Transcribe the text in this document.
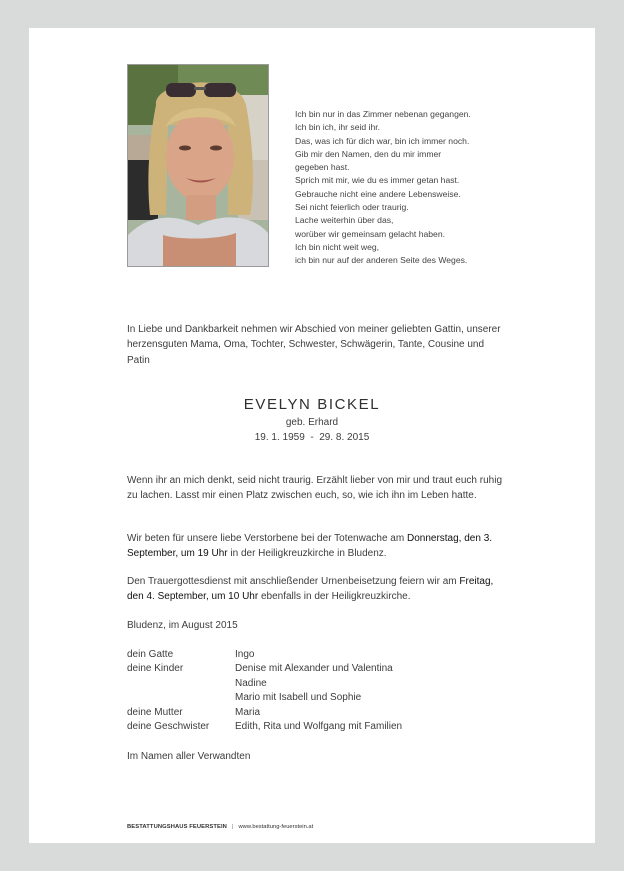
Ich bin nur in das Zimmer nebenan gegangen.
Ich bin ich, ihr seid ihr.
Das, was ich für dich war, bin ich immer noch.
Gib mir den Namen, den du mir immer
gegeben hast.
Sprich mit mir, wie du es immer getan hast.
Gebrauche nicht eine andere Lebensweise.
Sei nicht feierlich oder traurig.
Lache weiterhin über das,
worüber wir gemeinsam gelacht haben.
Ich bin nicht weit weg,
ich bin nur auf der anderen Seite des Weges.
In Liebe und Dankbarkeit nehmen wir Abschied von meiner geliebten Gattin, unserer herzensguten Mama, Oma, Tochter, Schwester, Schwägerin, Tante, Cousine und Patin
EVELYN BICKEL
geb. Erhard
19. 1. 1959  -  29. 8. 2015
Wenn ihr an mich denkt, seid nicht traurig. Erzählt lieber von mir und traut euch ruhig zu lachen. Lasst mir einen Platz zwischen euch, so, wie ich ihn im Leben hatte.
Wir beten für unsere liebe Verstorbene bei der Totenwache am Donnerstag, den 3. September, um 19 Uhr in der Heiligkreuzkirche in Bludenz.
Den Trauergottesdienst mit anschließender Urnenbeisetzung feiern wir am Freitag, den 4. September, um 10 Uhr ebenfalls in der Heiligkreuzkirche.
Bludenz, im August 2015
dein Gatte	Ingo
deine Kinder	Denise mit Alexander und Valentina
Nadine
Mario mit Isabell und Sophie
deine Mutter	Maria
deine Geschwister	Edith, Rita und Wolfgang mit Familien
Im Namen aller Verwandten
BESTATTUNGSHAUS FEUERSTEIN | www.bestattung-feuerstein.at
